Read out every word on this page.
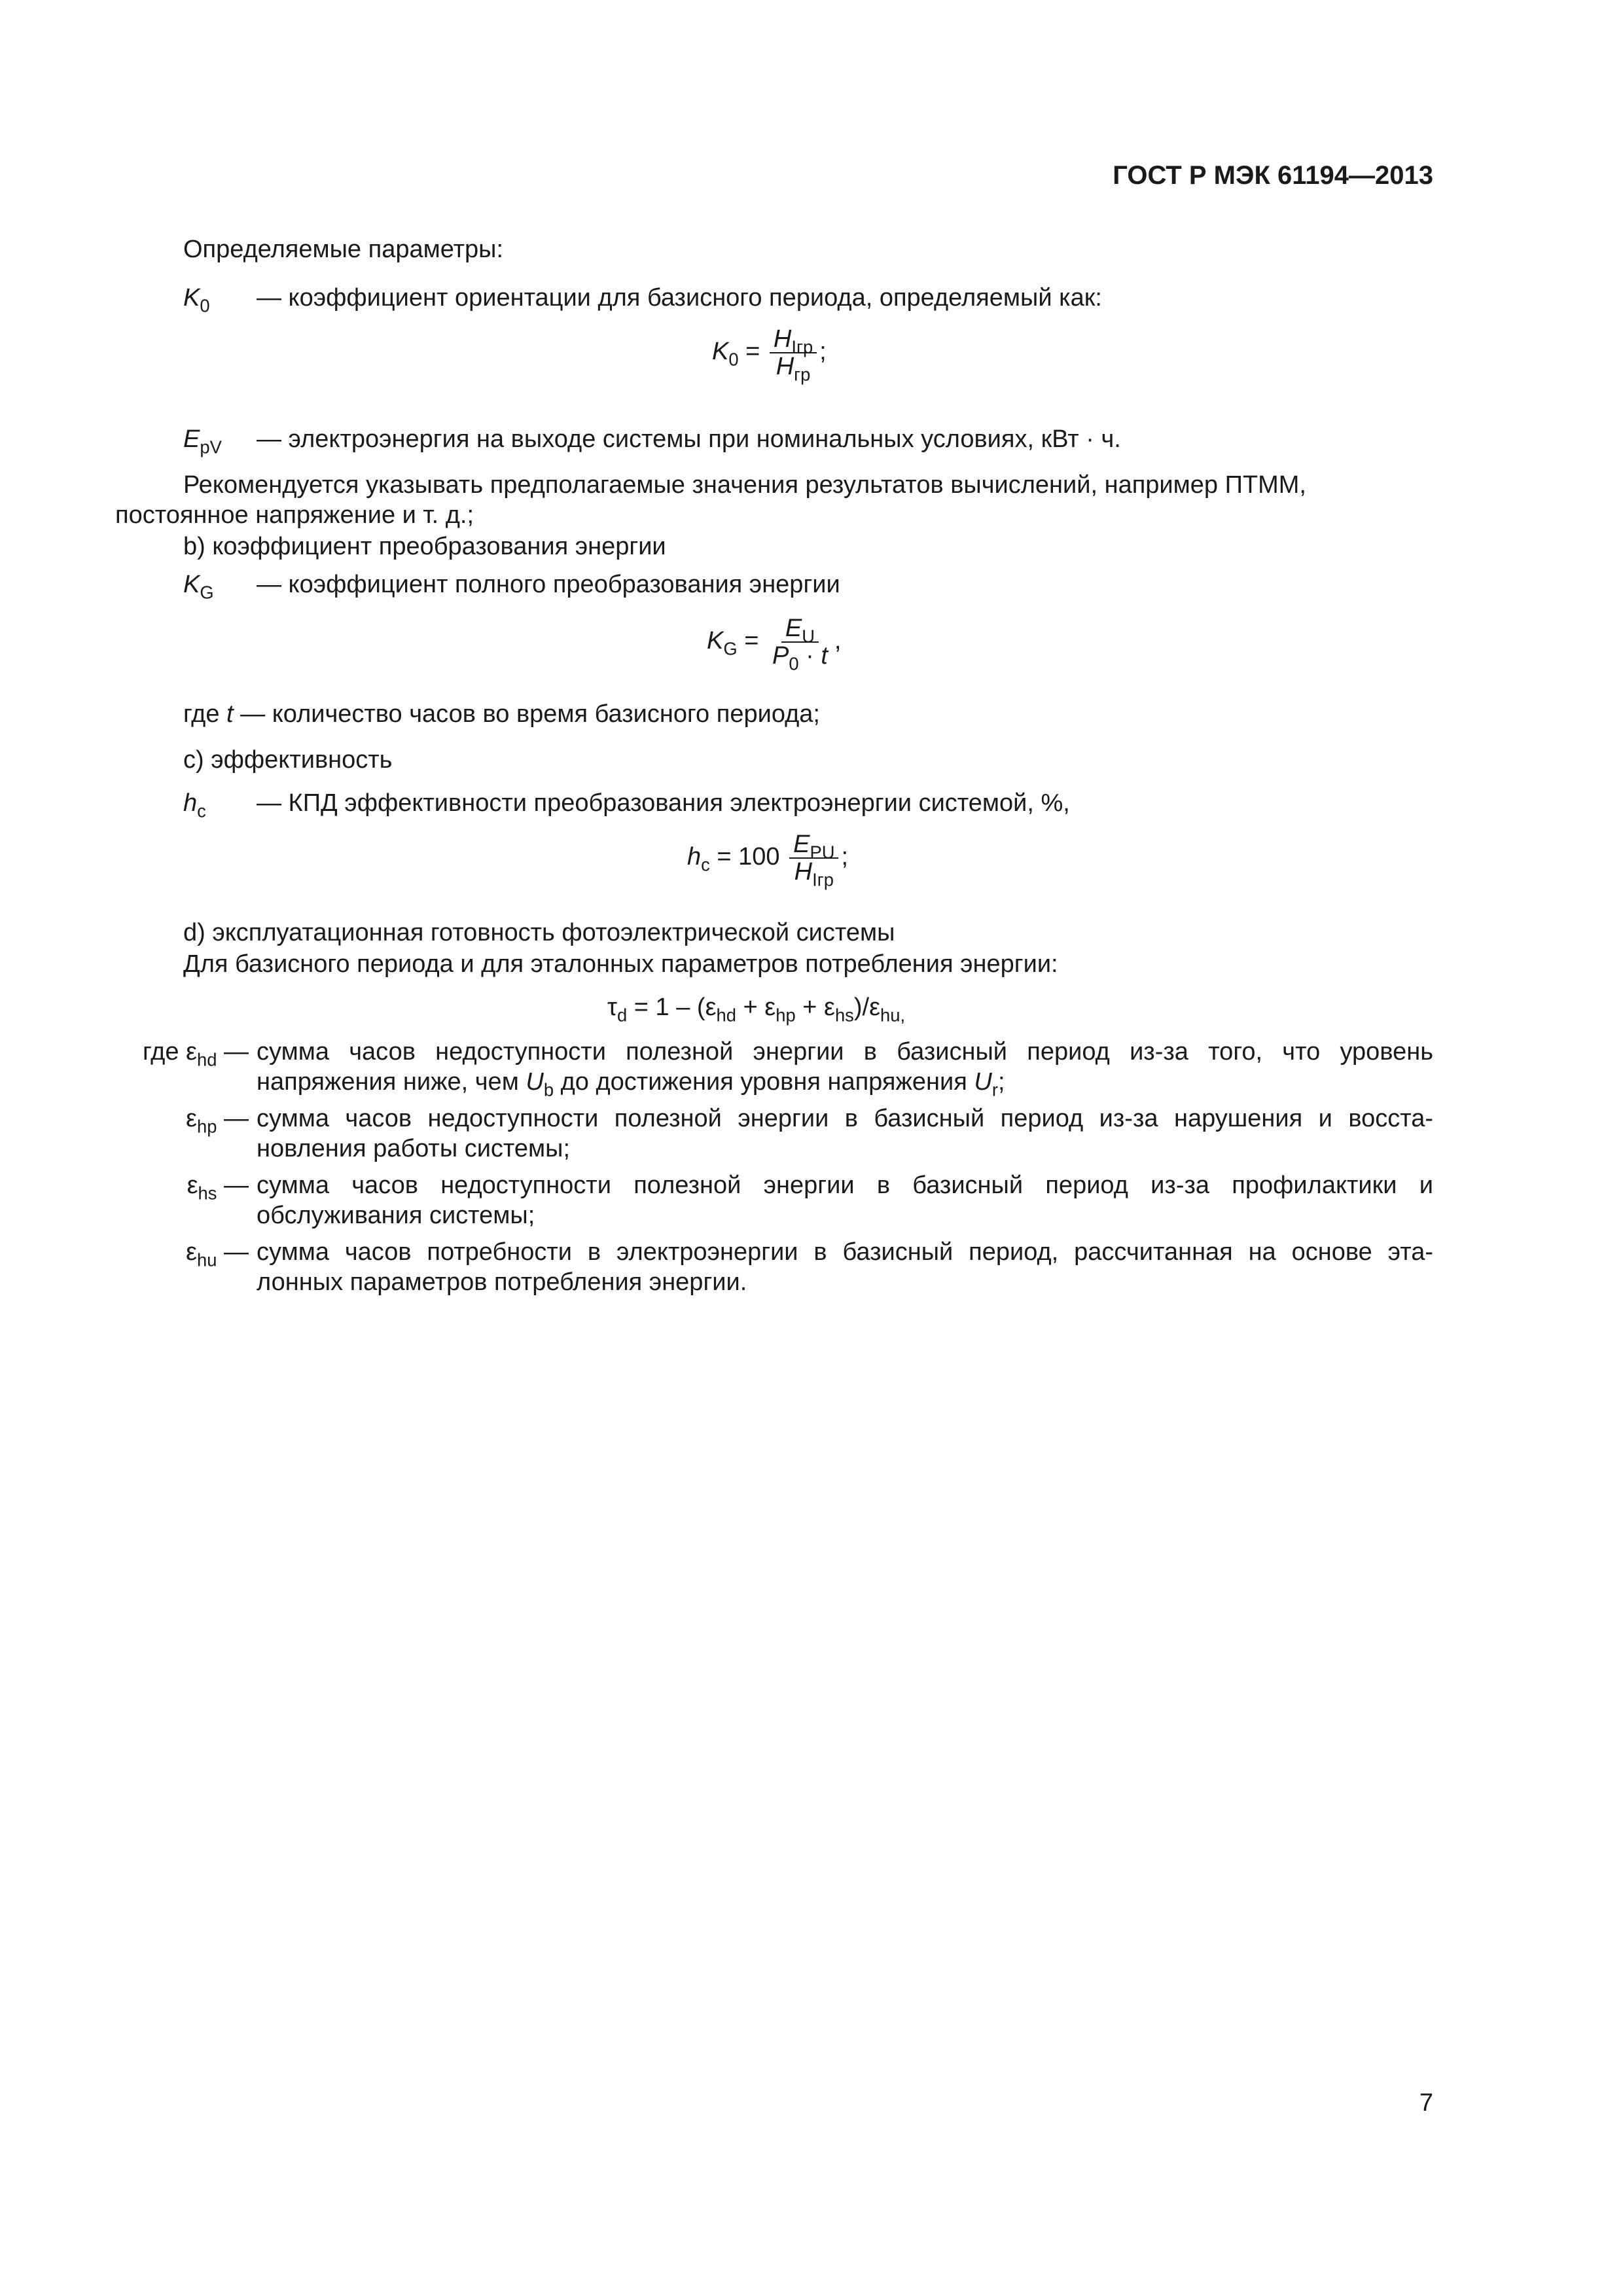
ГОСТ Р МЭК 61194—2013
Определяемые параметры:
$K_0$ — коэффициент ориентации для базисного периода, определяемый как:
$K_0 = \frac{H_{Iгр}}{H_{гр}}$ ;
$E_{pV}$ — электроэнергия на выходе системы при номинальных условиях, кВт · ч.
Рекомендуется указывать предполагаемые значения результатов вычислений, например ПТММ,
постоянное напряжение и т. д.;
b) коэффициент преобразования энергии
$K_G$ — коэффициент полного преобразования энергии
$K_G = \frac{E_U}{P_0 \cdot t}$ ,
где t — количество часов во время базисного периода;
c) эффективность
$h_c$ — КПД эффективности преобразования электроэнергии системой, %,
$h_c = 100 \frac{E_{PU}}{H_{Iгр}}$ ;
d) эксплуатационная готовность фотоэлектрической системы
Для базисного периода и для эталонных параметров потребления энергии:
$\tau_d = 1 - (\varepsilon_{hd} + \varepsilon_{hp} + \varepsilon_{hs})/\varepsilon_{hu,}$
где $\varepsilon_{hd}$ — сумма часов недоступности полезной энергии в базисный период из-за того, что уровень
напряжения ниже, чем $U_b$ до достижения уровня напряжения $U_r$;
$\varepsilon_{hp}$ — сумма часов недоступности полезной энергии в базисный период из-за нарушения и восста-
новления работы системы;
$\varepsilon_{hs}$ — сумма часов недоступности полезной энергии в базисный период из-за профилактики и
обслуживания системы;
$\varepsilon_{hu}$ — сумма часов потребности в электроэнергии в базисный период, рассчитанная на основе эта-
лонных параметров потребления энергии.
7
